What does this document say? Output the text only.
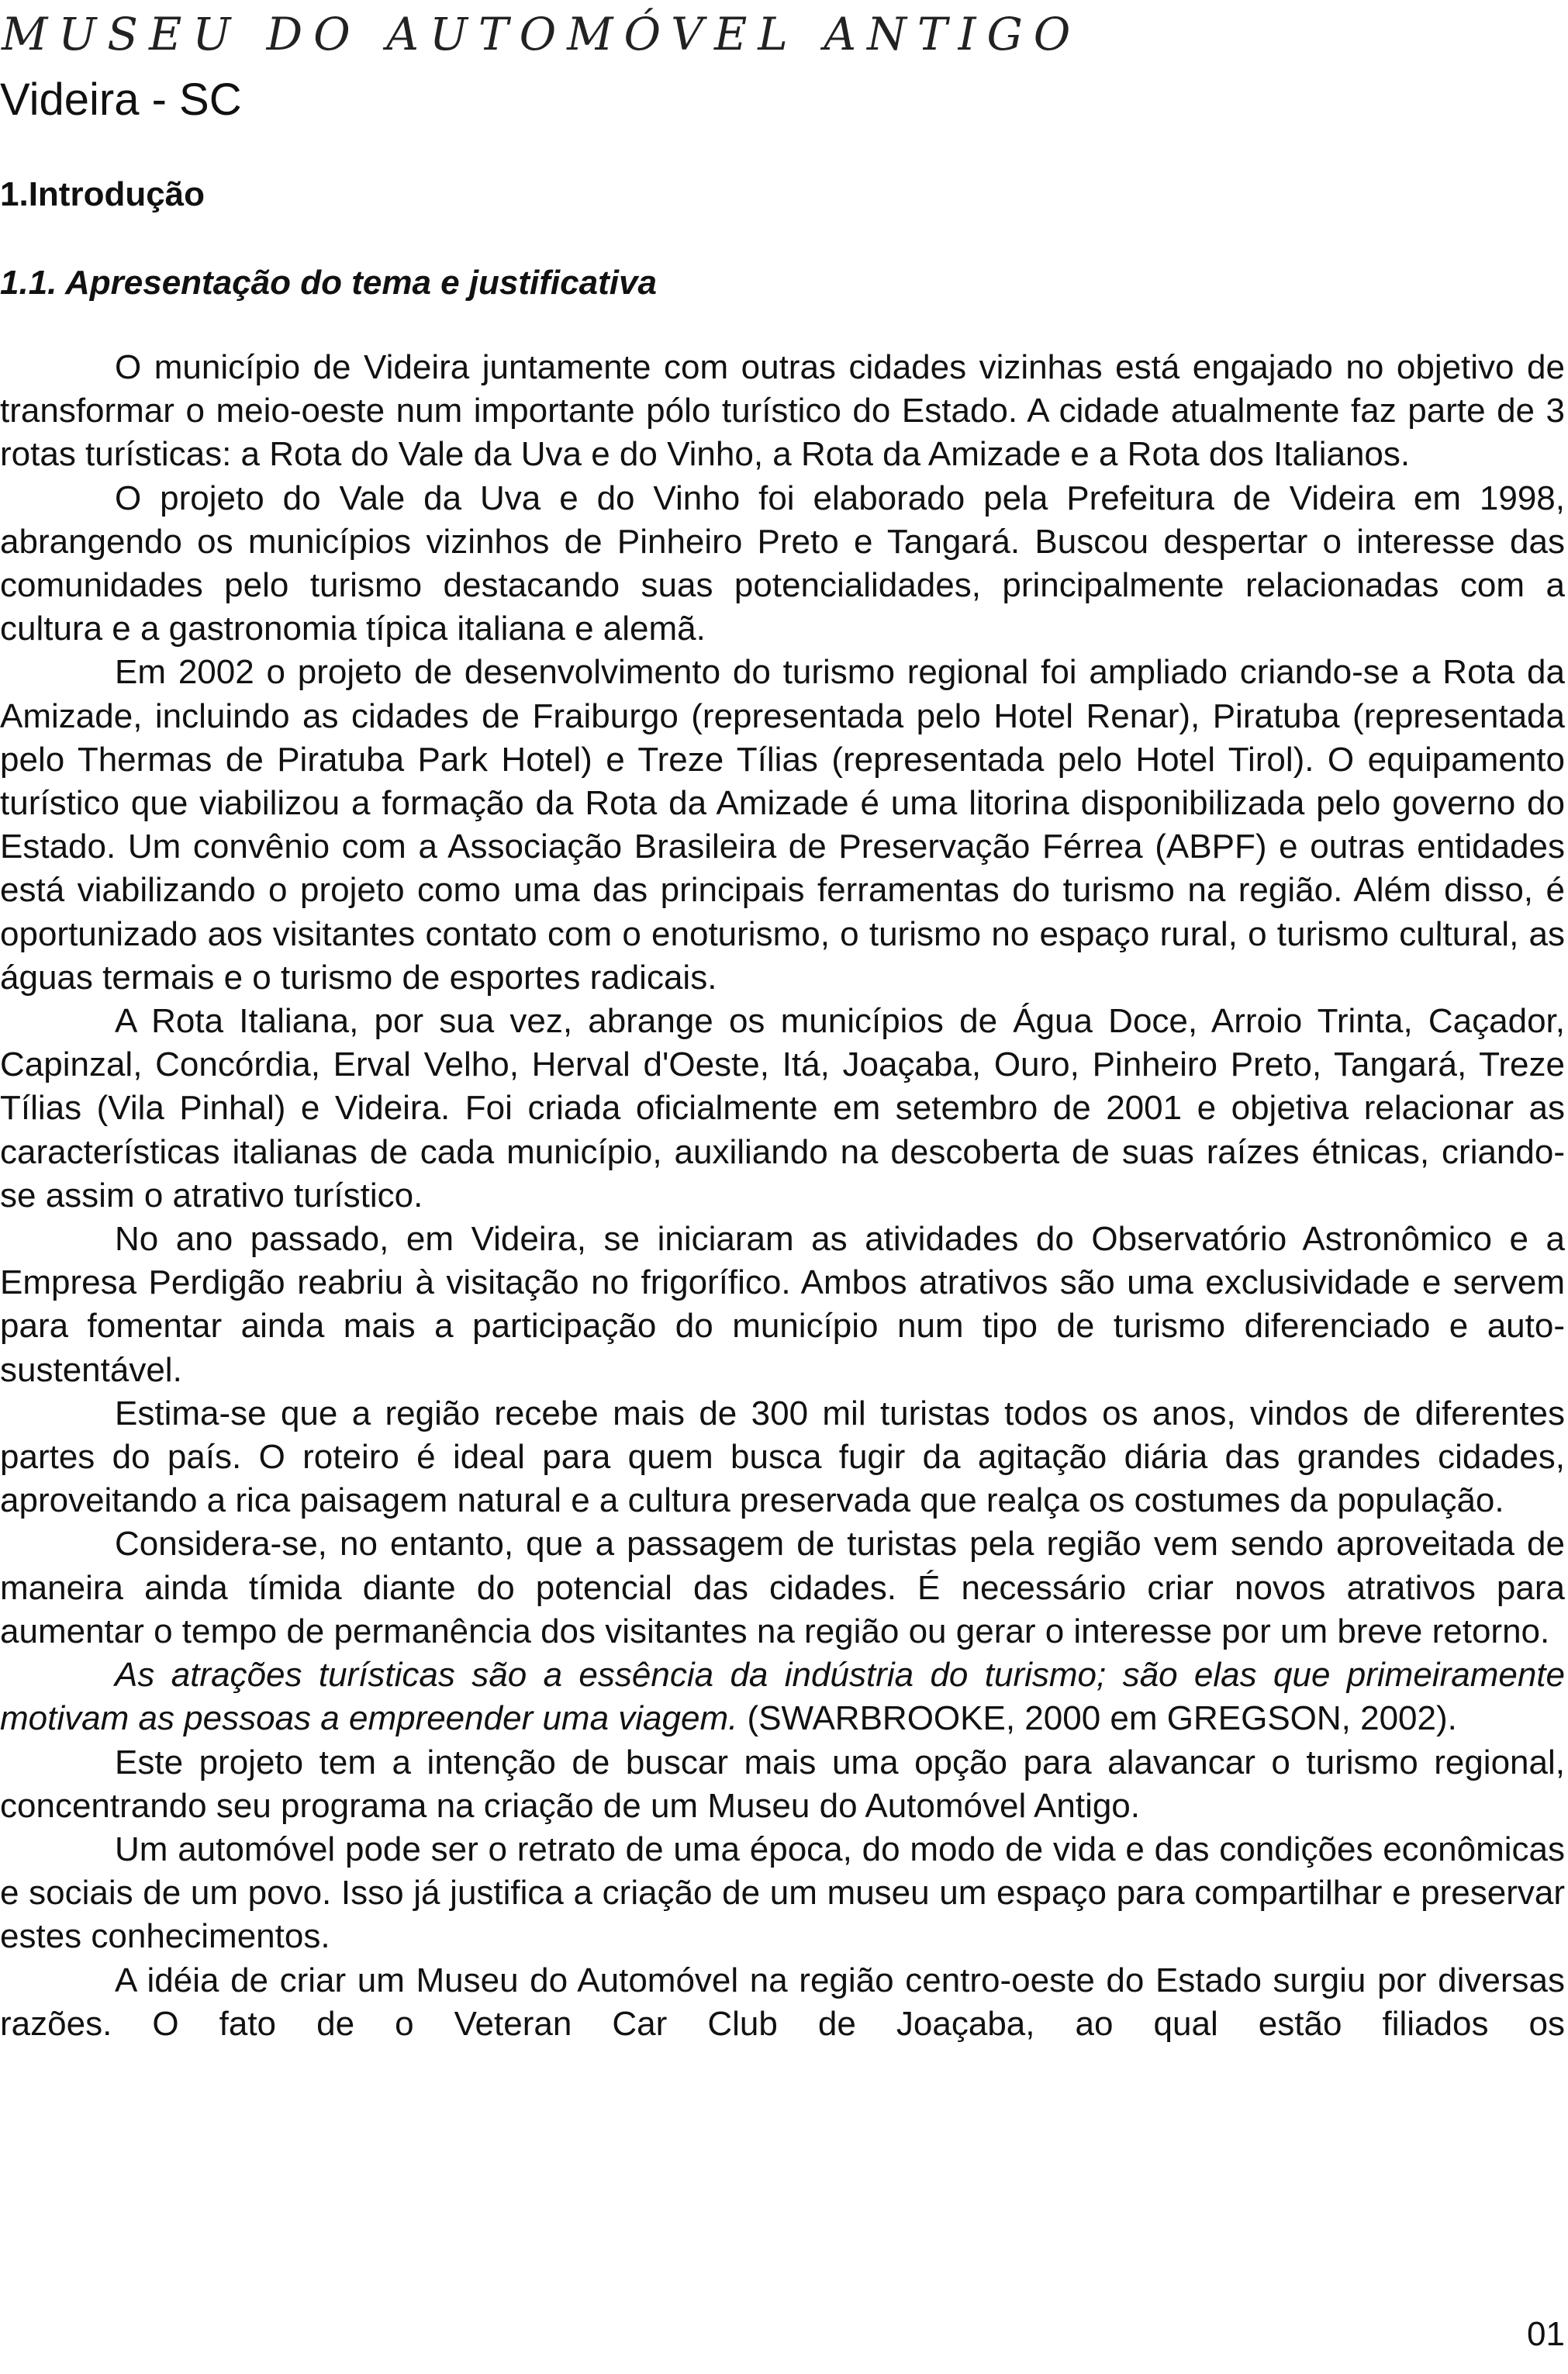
MUSEU DO AUTOMÓVEL ANTIGO
Videira - SC
1.Introdução
1.1. Apresentação do tema e justificativa

O município de Videira juntamente com outras cidades vizinhas está engajado no objetivo de transformar o meio-oeste num importante pólo turístico do Estado. A cidade atualmente faz parte de 3 rotas turísticas: a Rota do Vale da Uva e do Vinho, a Rota da Amizade e a Rota dos Italianos.

O projeto do Vale da Uva e do Vinho foi elaborado pela Prefeitura de Videira em 1998, abrangendo os municípios vizinhos de Pinheiro Preto e Tangará. Buscou despertar o interesse das comunidades pelo turismo destacando suas potencialidades, principalmente relacionadas com a cultura e a gastronomia típica italiana e alemã.

Em 2002 o projeto de desenvolvimento do turismo regional foi ampliado criando-se a Rota da Amizade, incluindo as cidades de Fraiburgo (representada pelo Hotel Renar), Piratuba (representada pelo Thermas de Piratuba Park Hotel) e Treze Tílias (representada pelo Hotel Tirol). O equipamento turístico que viabilizou a formação da Rota da Amizade é uma litorina disponibilizada pelo governo do Estado. Um convênio com a Associação Brasileira de Preservação Férrea (ABPF) e outras entidades está viabilizando o projeto como uma das principais ferramentas do turismo na região. Além disso, é oportunizado aos visitantes contato com o enoturismo, o turismo no espaço rural, o turismo cultural, as águas termais e o turismo de esportes radicais.

A Rota Italiana, por sua vez, abrange os municípios de Água Doce, Arroio Trinta, Caçador, Capinzal, Concórdia, Erval Velho, Herval d'Oeste, Itá, Joaçaba, Ouro, Pinheiro Preto, Tangará, Treze Tílias (Vila Pinhal) e Videira. Foi criada oficialmente em setembro de 2001 e objetiva relacionar as características italianas de cada município, auxiliando na descoberta de suas raízes étnicas, criando-se assim o atrativo turístico.

No ano passado, em Videira, se iniciaram as atividades do Observatório Astronômico e a Empresa Perdigão reabriu à visitação no frigorífico. Ambos atrativos são uma exclusividade e servem para fomentar ainda mais a participação do município num tipo de turismo diferenciado e auto-sustentável.

Estima-se que a região recebe mais de 300 mil turistas todos os anos, vindos de diferentes partes do país. O roteiro é ideal para quem busca fugir da agitação diária das grandes cidades, aproveitando a rica paisagem natural e a cultura preservada que realça os costumes da população.

Considera-se, no entanto, que a passagem de turistas pela região vem sendo aproveitada de maneira ainda tímida diante do potencial das cidades. É necessário criar novos atrativos para aumentar o tempo de permanência dos visitantes na região ou gerar o interesse por um breve retorno.

As atrações turísticas são a essência da indústria do turismo; são elas que primeiramente motivam as pessoas a empreender uma viagem. (SWARBROOKE, 2000 em GREGSON, 2002).

Este projeto tem a intenção de buscar mais uma opção para alavancar o turismo regional, concentrando seu programa na criação de um Museu do Automóvel Antigo.

Um automóvel pode ser o retrato de uma época, do modo de vida e das condições econômicas e sociais de um povo. Isso já justifica a criação de um museu um espaço para compartilhar e preservar estes conhecimentos.

A idéia de criar um Museu do Automóvel na região centro-oeste do Estado surgiu por diversas razões. O fato de o Veteran Car Club de Joaçaba, ao qual estão filiados os

01
